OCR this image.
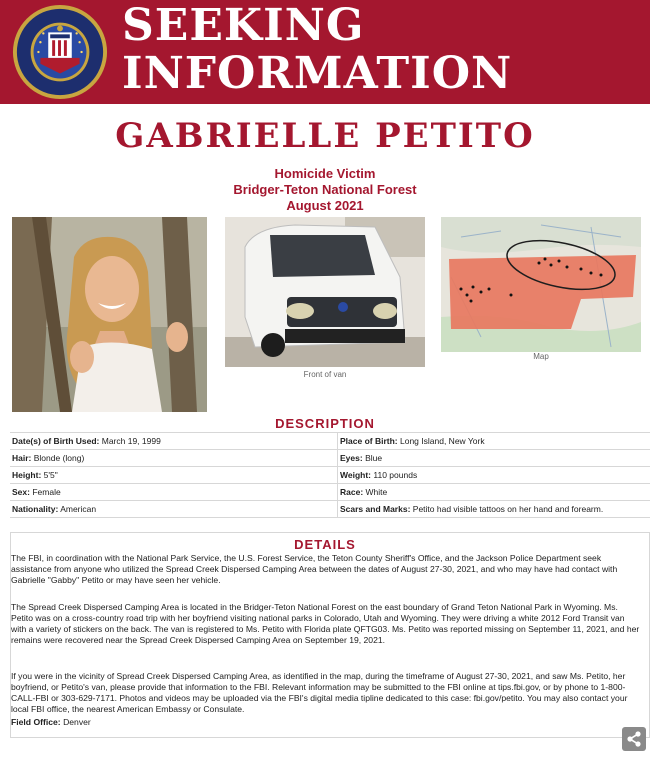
SEEKING
INFORMATION
GABRIELLE PETITO
Homicide Victim
Bridger-Teton National Forest
August 2021
Front of van
Map
DESCRIPTION
Date(s) of Birth Used: March 19, 1999	Place of Birth: Long Island, New York
Hair: Blonde (long)	Eyes: Blue
Height: 5'5"	Weight: 110 pounds
Sex: Female	Race: White
Nationality: American	Scars and Marks: Petito had visible tattoos on her hand and forearm.
DETAILS
The FBI, in coordination with the National Park Service, the U.S. Forest Service, the Teton County Sheriff's Office, and the Jackson Police Department seek assistance from anyone who utilized the Spread Creek Dispersed Camping Area between the dates of August 27-30, 2021, and who may have had contact with Gabrielle "Gabby" Petito or may have seen her vehicle.
The Spread Creek Dispersed Camping Area is located in the Bridger-Teton National Forest on the east boundary of Grand Teton National Park in Wyoming. Ms. Petito was on a cross-country road trip with her boyfriend visiting national parks in Colorado, Utah and Wyoming. They were driving a white 2012 Ford Transit van with a variety of stickers on the back. The van is registered to Ms. Petito with Florida plate QFTG03. Ms. Petito was reported missing on September 11, 2021, and her remains were recovered near the Spread Creek Dispersed Camping Area on September 19, 2021.
If you were in the vicinity of Spread Creek Dispersed Camping Area, as identified in the map, during the timeframe of August 27-30, 2021, and saw Ms. Petito, her boyfriend, or Petito's van, please provide that information to the FBI. Relevant information may be submitted to the FBI online at tips.fbi.gov, or by phone to 1-800-CALL-FBI or 303-629-7171. Photos and videos may be uploaded via the FBI's digital media tipline dedicated to this case: fbi.gov/petito. You may also contact your local FBI office, the nearest American Embassy or Consulate.
Field Office: Denver
